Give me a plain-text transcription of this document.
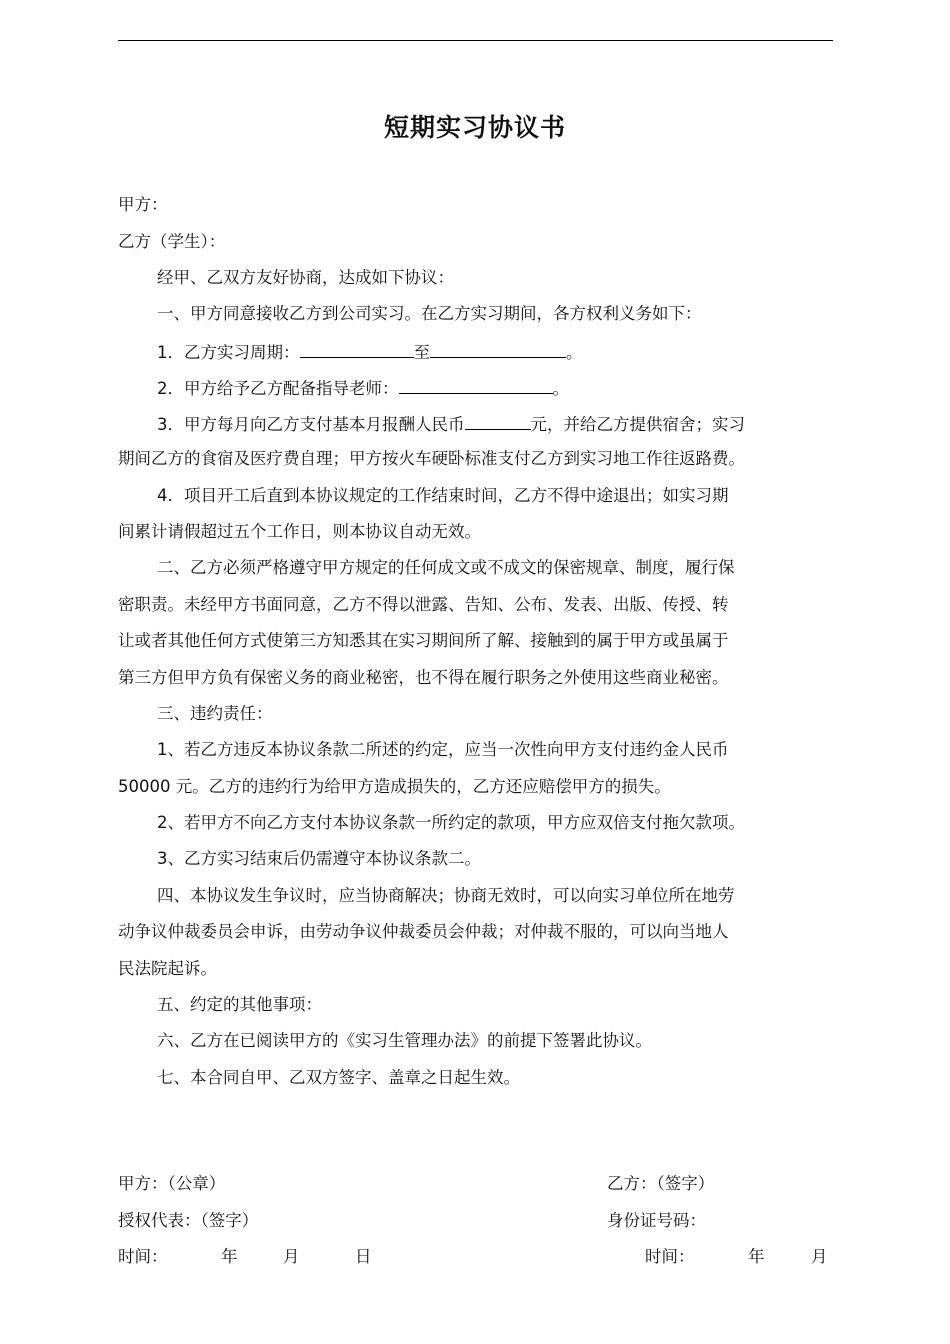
短期实习协议书
甲方：
乙方（学生）：
经甲、乙双方友好协商，达成如下协议：
一、甲方同意接收乙方到公司实习。在乙方实习期间，各方权利义务如下：
1．乙方实习周期：	至	。
2．甲方给予乙方配备指导老师：	。
3．甲方每月向乙方支付基本月报酬人民币	元，并给乙方提供宿舍；实习
期间乙方的食宿及医疗费自理；甲方按火车硬卧标准支付乙方到实习地工作往返路费。
4．项目开工后直到本协议规定的工作结束时间，乙方不得中途退出；如实习期
间累计请假超过五个工作日，则本协议自动无效。
二、乙方必须严格遵守甲方规定的任何成文或不成文的保密规章、制度，履行保
密职责。未经甲方书面同意，乙方不得以泄露、告知、公布、发表、出版、传授、转
让或者其他任何方式使第三方知悉其在实习期间所了解、接触到的属于甲方或虽属于
第三方但甲方负有保密义务的商业秘密，也不得在履行职务之外使用这些商业秘密。
三、违约责任：
1、若乙方违反本协议条款二所述的约定，应当一次性向甲方支付违约金人民币
50000 元。乙方的违约行为给甲方造成损失的，乙方还应赔偿甲方的损失。
2、若甲方不向乙方支付本协议条款一所约定的款项，甲方应双倍支付拖欠款项。
3、乙方实习结束后仍需遵守本协议条款二。
四、本协议发生争议时，应当协商解决；协商无效时，可以向实习单位所在地劳
动争议仲裁委员会申诉，由劳动争议仲裁委员会仲裁；对仲裁不服的，可以向当地人
民法院起诉。
五、约定的其他事项：
六、乙方在已阅读甲方的《实习生管理办法》的前提下签署此协议。
七、本合同自甲、乙双方签字、盖章之日起生效。
甲方：（公章）	乙方：（签字）
授权代表：（签字）	身份证号码：
时间：	年	月	日	时间：	年	月
